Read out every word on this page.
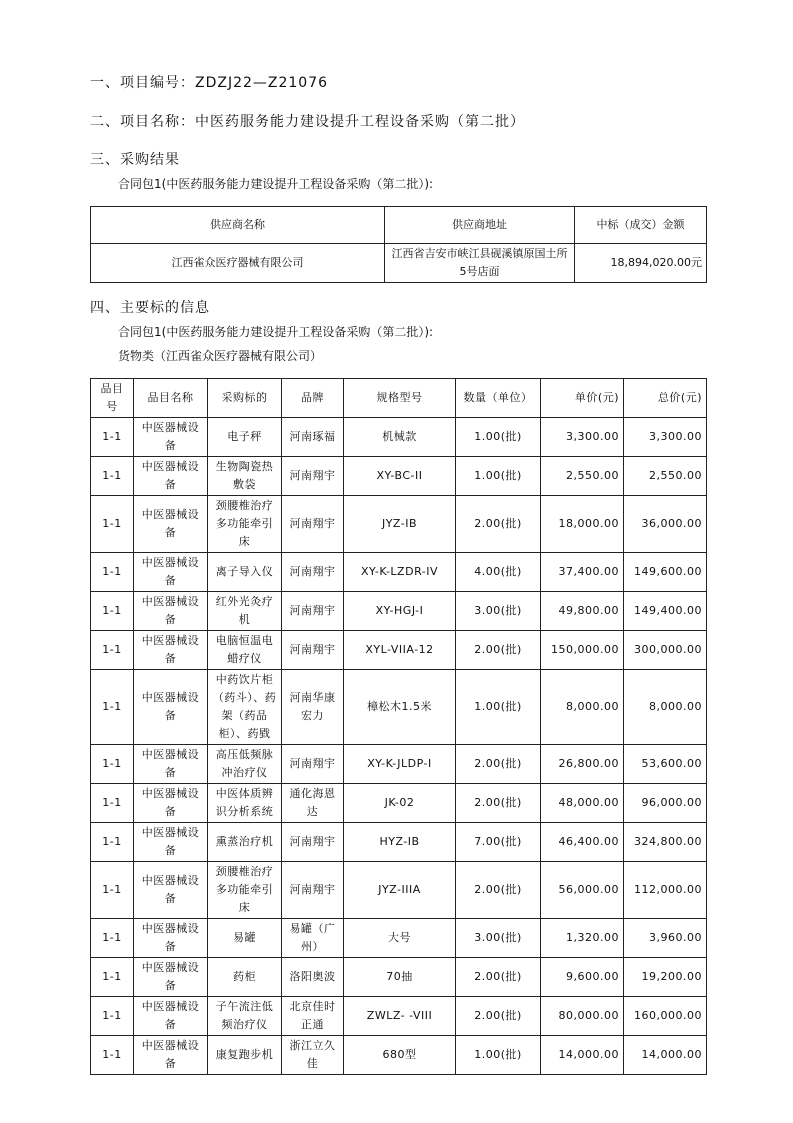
一、项目编号：ZDZJ22—Z21076
二、项目名称：中医药服务能力建设提升工程设备采购（第二批）
三、采购结果
合同包1(中医药服务能力建设提升工程设备采购（第二批）):
供应商名称	供应商地址	中标（成交）金额
江西雀众医疗器械有限公司	江西省吉安市峡江县砚溪镇原国土所5号店面	18,894,020.00元
四、主要标的信息
合同包1(中医药服务能力建设提升工程设备采购（第二批）):
货物类（江西雀众医疗器械有限公司）
品目号	品目名称	采购标的	品牌	规格型号	数量（单位）	单价(元)	总价(元)
1-1	中医器械设备	电子秤	河南琢福	机械款	1.00(批)	3,300.00	3,300.00
1-1	中医器械设备	生物陶瓷热敷袋	河南翔宇	XY-BC-II	1.00(批)	2,550.00	2,550.00
1-1	中医器械设备	颈腰椎治疗多功能牵引床	河南翔宇	JYZ-IB	2.00(批)	18,000.00	36,000.00
1-1	中医器械设备	离子导入仪	河南翔宇	XY-K-LZDR-IV	4.00(批)	37,400.00	149,600.00
1-1	中医器械设备	红外光灸疗机	河南翔宇	XY-HGJ-I	3.00(批)	49,800.00	149,400.00
1-1	中医器械设备	电脑恒温电蜡疗仪	河南翔宇	XYL-VIIA-12	2.00(批)	150,000.00	300,000.00
1-1	中医器械设备	中药饮片柜（药斗）、药架（药品柜）、药戥	河南华康宏力	樟松木1.5米	1.00(批)	8,000.00	8,000.00
1-1	中医器械设备	高压低频脉冲治疗仪	河南翔宇	XY-K-JLDP-I	2.00(批)	26,800.00	53,600.00
1-1	中医器械设备	中医体质辨识分析系统	通化海恩达	JK-02	2.00(批)	48,000.00	96,000.00
1-1	中医器械设备	熏蒸治疗机	河南翔宇	HYZ-IB	7.00(批)	46,400.00	324,800.00
1-1	中医器械设备	颈腰椎治疗多功能牵引床	河南翔宇	JYZ-IIIA	2.00(批)	56,000.00	112,000.00
1-1	中医器械设备	易罐	易罐（广州）	大号	3.00(批)	1,320.00	3,960.00
1-1	中医器械设备	药柜	洛阳奥波	70抽	2.00(批)	9,600.00	19,200.00
1-1	中医器械设备	子午流注低频治疗仪	北京佳时正通	ZWLZ- -VIII	2.00(批)	80,000.00	160,000.00
1-1	中医器械设备	康复跑步机	浙江立久佳	680型	1.00(批)	14,000.00	14,000.00
